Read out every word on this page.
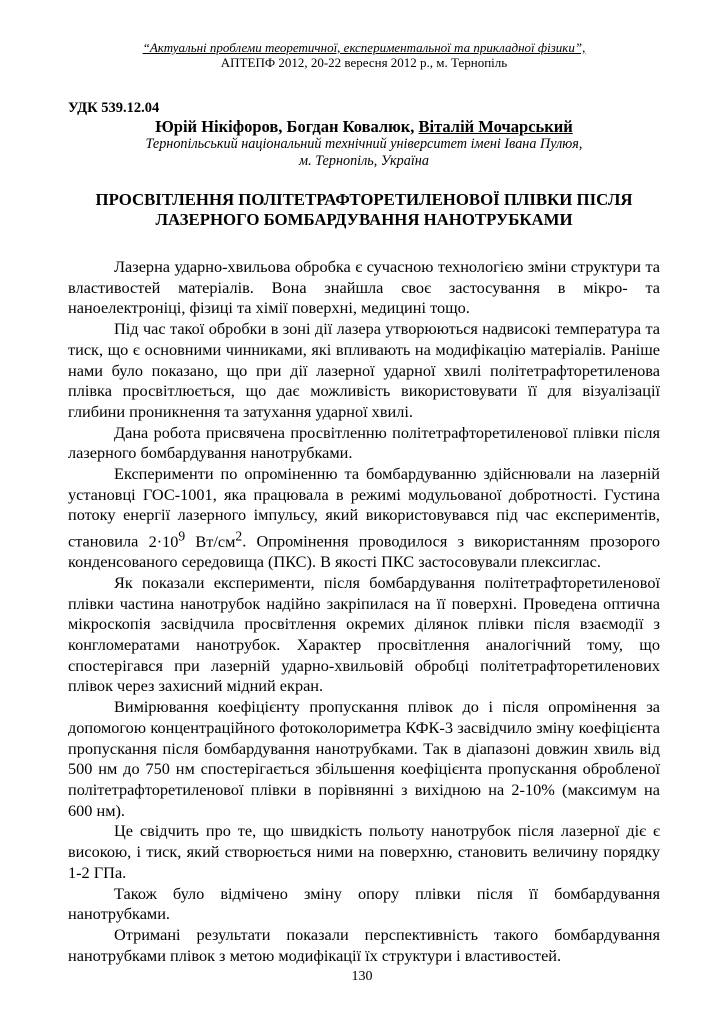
“Актуальні проблеми теоретичної, експериментальної та прикладної фізики”,
АПТЕПФ 2012, 20-22 вересня 2012 р., м. Тернопіль
УДК 539.12.04
Юрій Нікіфоров, Богдан Ковалюк, Віталій Мочарський
Тернопільський національний технічний університет імені Івана Пулюя,
м. Тернопіль, Україна
ПРОСВІТЛЕННЯ ПОЛІТЕТРАФТОРЕТИЛЕНОВОЇ ПЛІВКИ ПІСЛЯ
ЛАЗЕРНОГО БОМБАРДУВАННЯ НАНОТРУБКАМИ

Лазерна ударно-хвильова обробка є сучасною технологією зміни структури та властивостей матеріалів. Вона знайшла своє застосування в мікро- та наноелектроніці, фізиці та хімії поверхні, медицині тощо.

Під час такої обробки в зоні дії лазера утворюються надвисокі температура та тиск, що є основними чинниками, які впливають на модифікацію матеріалів. Раніше нами було показано, що при дії лазерної ударної хвилі політетрафторетиленова плівка просвітлюється, що дає можливість використовувати її для візуалізації глибини проникнення та затухання ударної хвилі.

Дана робота присвячена просвітленню політетрафторетиленової плівки після лазерного бомбардування нанотрубками.

Експерименти по опроміненню та бомбардуванню здійснювали на лазерній установці ГОС-1001, яка працювала в режимі модульованої добротності. Густина потоку енергії лазерного імпульсу, який використовувався під час експериментів, становила $2\cdot 10^9$ $Вт/см^2$. Опромінення проводилося з використанням прозорого конденсованого середовища (ПКС). В якості ПКС застосовували плексиглас.

Як показали експерименти, після бомбардування політетрафторетиленової плівки частина нанотрубок надійно закріпилася на її поверхні. Проведена оптична мікроскопія засвідчила просвітлення окремих ділянок плівки після взаємодії з конгломератами нанотрубок. Характер просвітлення аналогічний тому, що спостерігався при лазерній ударно-хвильовій обробці політетрафторетиленових плівок через захисний мідний екран.

Вимірювання коефіцієнту пропускання плівок до і після опромінення за допомогою концентраційного фотоколориметра КФК-3 засвідчило зміну коефіцієнта пропускання після бомбардування нанотрубками. Так в діапазоні довжин хвиль від 500 нм до 750 нм спостерігається збільшення коефіцієнта пропускання обробленої політетрафторетиленової плівки в порівнянні з вихідною на 2-10% (максимум на 600 нм).

Це свідчить про те, що швидкість польоту нанотрубок після лазерної діє є високою, і тиск, який створюється ними на поверхню, становить величину порядку 1-2 ГПа.

Також було відмічено зміну опору плівки після її бомбардування нанотрубками.

Отримані результати показали перспективність такого бомбардування нанотрубками плівок з метою модифікації їх структури і властивостей.

130
